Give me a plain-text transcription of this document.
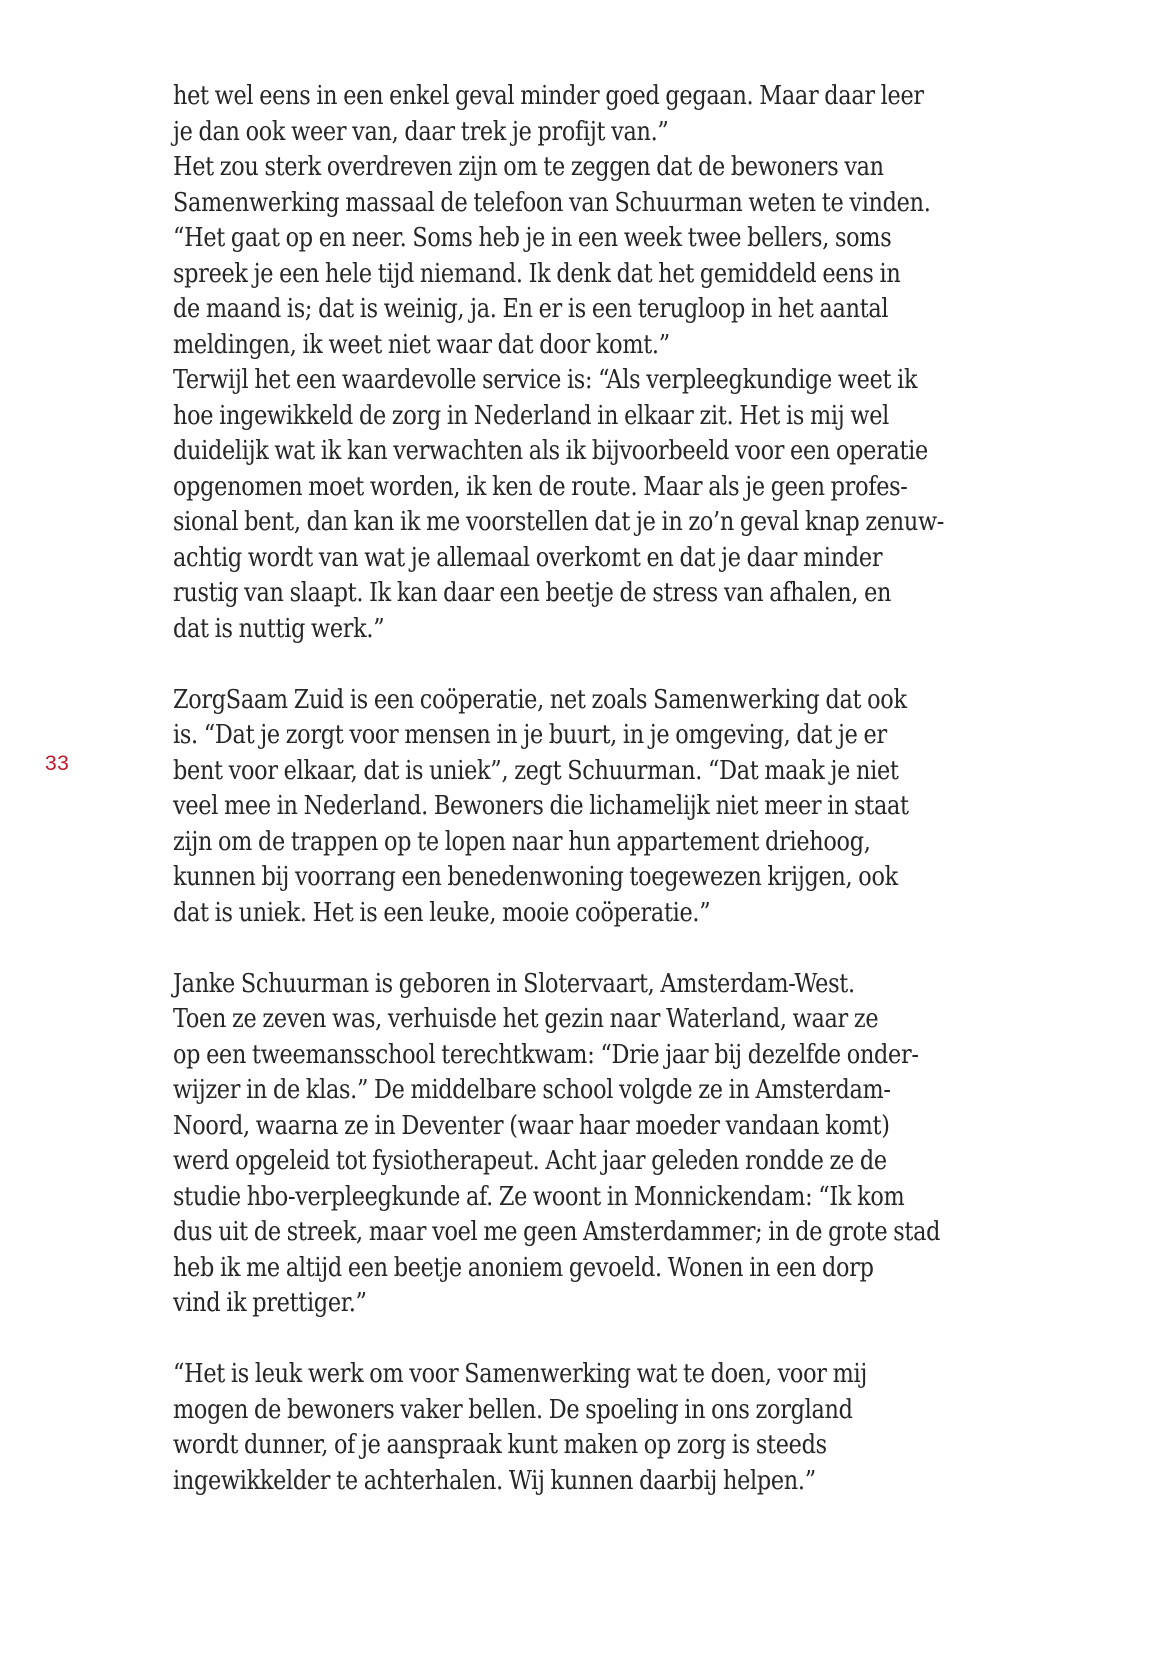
33
het wel eens in een enkel geval minder goed gegaan. Maar daar leer
je dan ook weer van, daar trek je profijt van.”
Het zou sterk overdreven zijn om te zeggen dat de bewoners van
Samenwerking massaal de telefoon van Schuurman weten te vinden.
“Het gaat op en neer. Soms heb je in een week twee bellers, soms
spreek je een hele tijd niemand. Ik denk dat het gemiddeld eens in
de maand is; dat is weinig, ja. En er is een terugloop in het aantal
meldingen, ik weet niet waar dat door komt.”
Terwijl het een waardevolle service is: “Als verpleegkundige weet ik
hoe ingewikkeld de zorg in Nederland in elkaar zit. Het is mij wel
duidelijk wat ik kan verwachten als ik bijvoorbeeld voor een operatie
opgenomen moet worden, ik ken de route. Maar als je geen profes-
sional bent, dan kan ik me voorstellen dat je in zo’n geval knap zenuw-
achtig wordt van wat je allemaal overkomt en dat je daar minder
rustig van slaapt. Ik kan daar een beetje de stress van afhalen, en
dat is nuttig werk.”
ZorgSaam Zuid is een coöperatie, net zoals Samenwerking dat ook
is. “Dat je zorgt voor mensen in je buurt, in je omgeving, dat je er
bent voor elkaar, dat is uniek”, zegt Schuurman. “Dat maak je niet
veel mee in Nederland. Bewoners die lichamelijk niet meer in staat
zijn om de trappen op te lopen naar hun appartement driehoog,
kunnen bij voorrang een benedenwoning toegewezen krijgen, ook
dat is uniek. Het is een leuke, mooie coöperatie.”
Janke Schuurman is geboren in Slotervaart, Amsterdam-West.
Toen ze zeven was, verhuisde het gezin naar Waterland, waar ze
op een tweemansschool terechtkwam: “Drie jaar bij dezelfde onder-
wijzer in de klas.” De middelbare school volgde ze in Amsterdam-
Noord, waarna ze in Deventer (waar haar moeder vandaan komt)
werd opgeleid tot fysiotherapeut. Acht jaar geleden rondde ze de
studie hbo-verpleegkunde af. Ze woont in Monnickendam: “Ik kom
dus uit de streek, maar voel me geen Amsterdammer; in de grote stad
heb ik me altijd een beetje anoniem gevoeld. Wonen in een dorp
vind ik prettiger.”
“Het is leuk werk om voor Samenwerking wat te doen, voor mij
mogen de bewoners vaker bellen. De spoeling in ons zorgland
wordt dunner, of je aanspraak kunt maken op zorg is steeds
ingewikkelder te achterhalen. Wij kunnen daarbij helpen.”
